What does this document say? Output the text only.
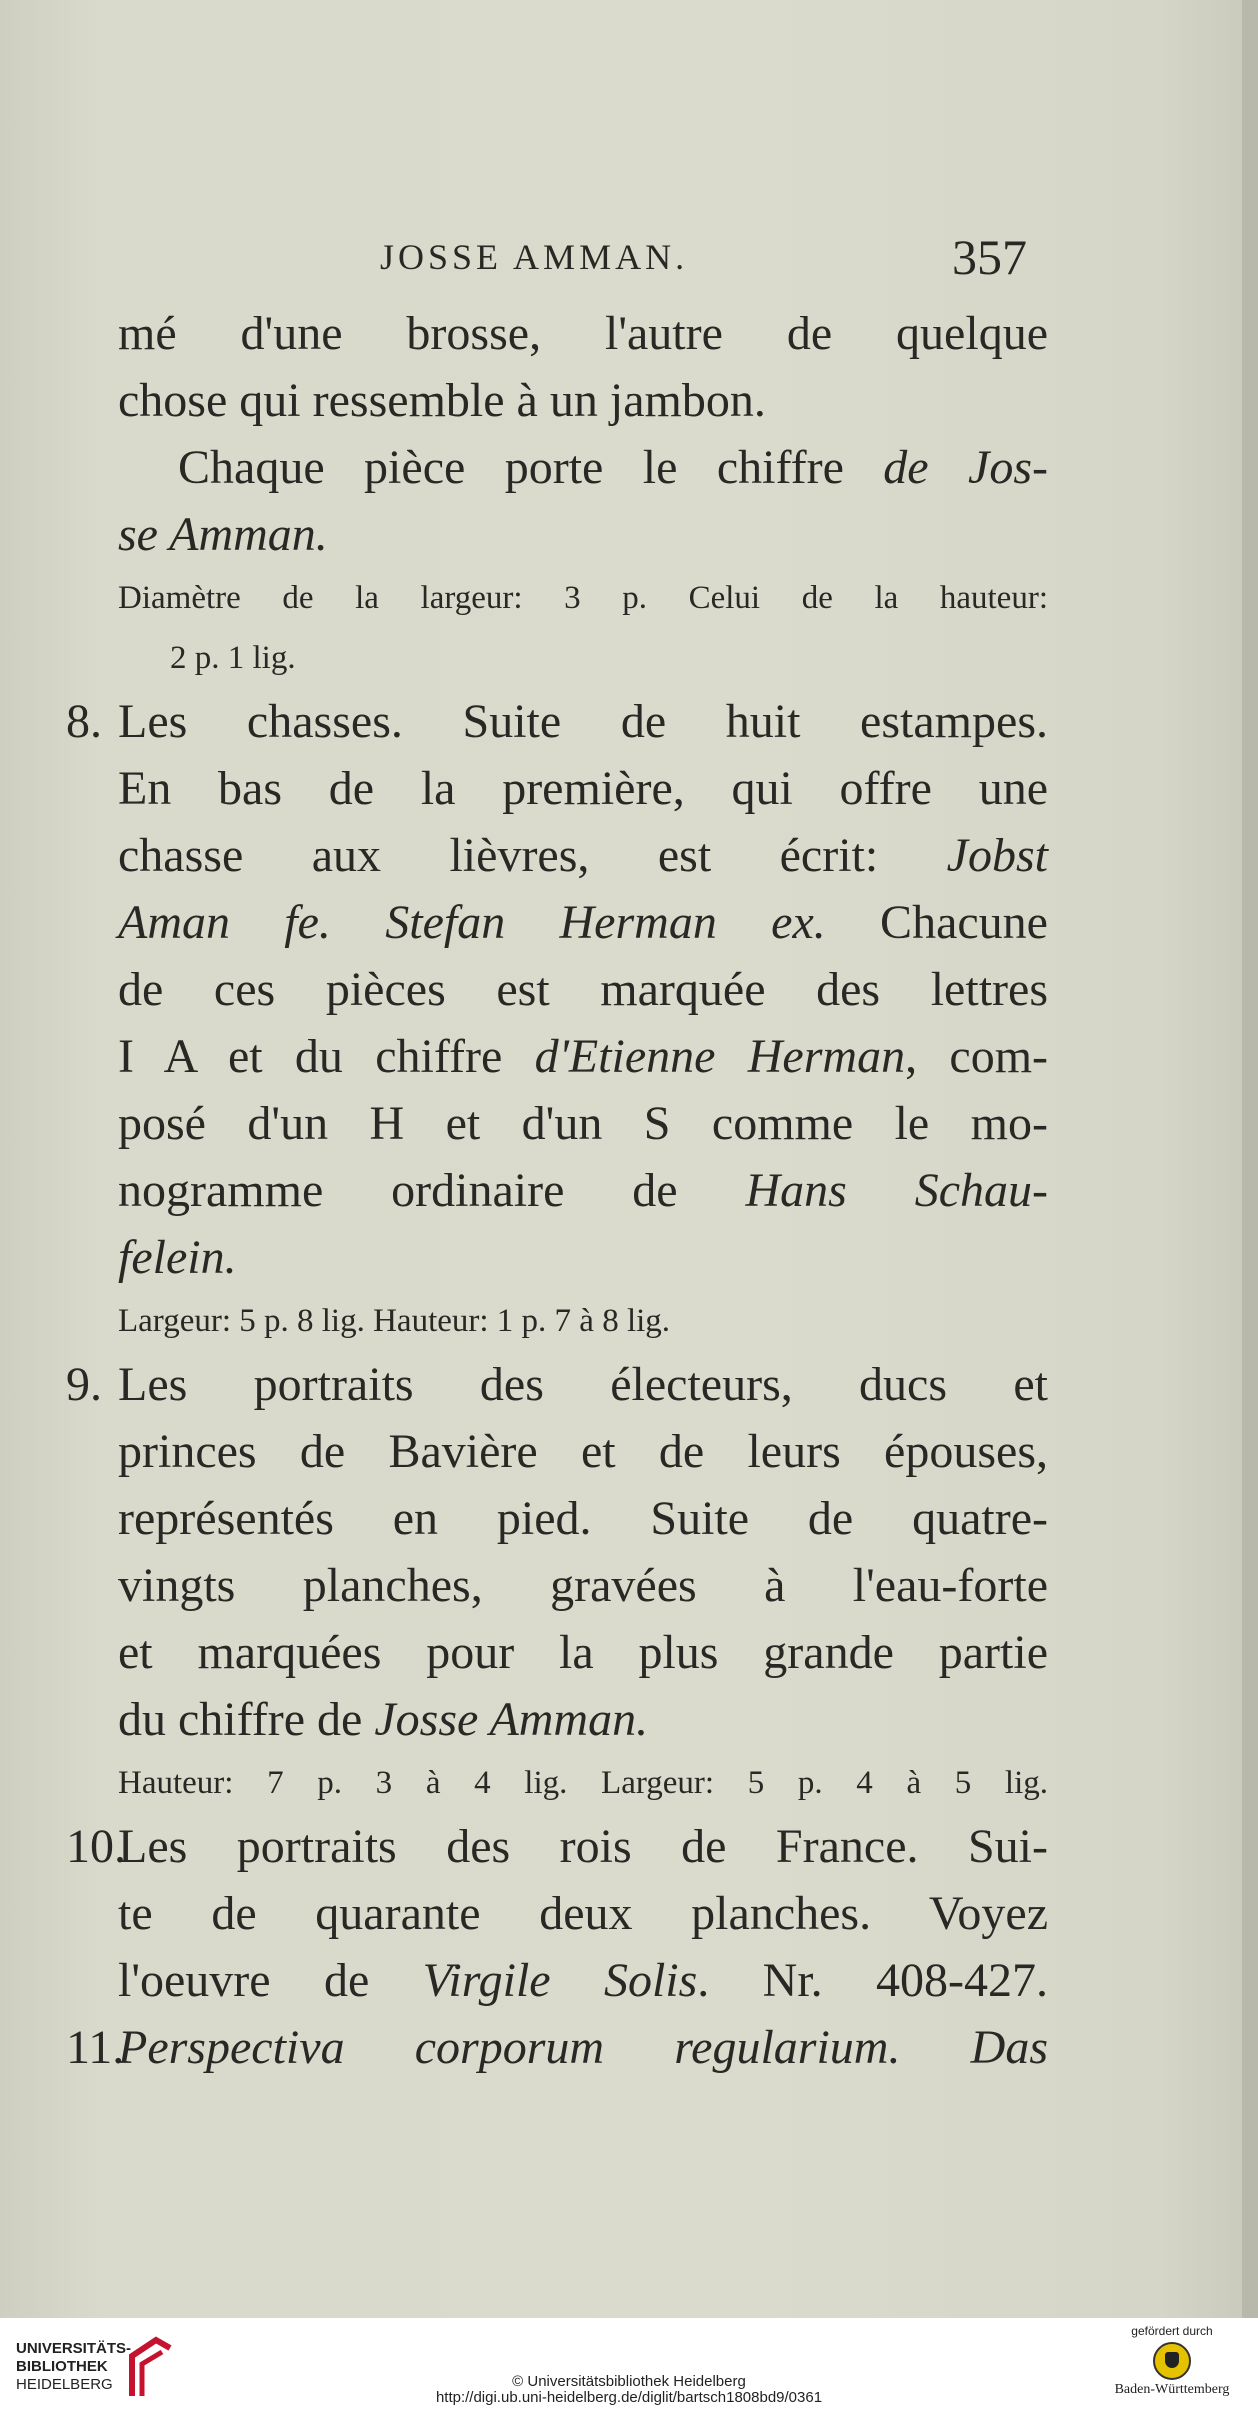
JOSSE AMMAN.	357
mé d'une brosse, l'autre de quelque
chose qui ressemble à un jambon.
Chaque pièce porte le chiffre de Jos-
se Amman.
Diamètre de la largeur: 3 p. Celui de la hauteur:
2 p. 1 lig.
8. Les chasses. Suite de huit estampes.
En bas de la première, qui offre une
chasse aux lièvres, est écrit: Jobst
Aman fe. Stefan Herman ex. Chacune
de ces pièces est marquée des lettres
I A et du chiffre d'Etienne Herman, com-
posé d'un H et d'un S comme le mo-
nogramme ordinaire de Hans Schau-
felein.
Largeur: 5 p. 8 lig. Hauteur: 1 p. 7 à 8 lig.
9. Les portraits des électeurs, ducs et
princes de Bavière et de leurs épouses,
représentés en pied. Suite de quatre-
vingts planches, gravées à l'eau-forte
et marquées pour la plus grande partie
du chiffre de Josse Amman.
Hauteur: 7 p. 3 à 4 lig. Largeur: 5 p. 4 à 5 lig.
10.
Les portraits des rois de France. Sui-
te de quarante deux planches. Voyez
l'oeuvre de Virgile Solis. Nr. 408-427.
11.
Perspectiva corporum regularium. Das
UNIVERSITÄTS-
BIBLIOTHEK
HEIDELBERG	© Universitätsbibliothek Heidelberg
http://digi.ub.uni-heidelberg.de/diglit/bartsch1808bd9/0361
gefördert durch
Baden-Württemberg
